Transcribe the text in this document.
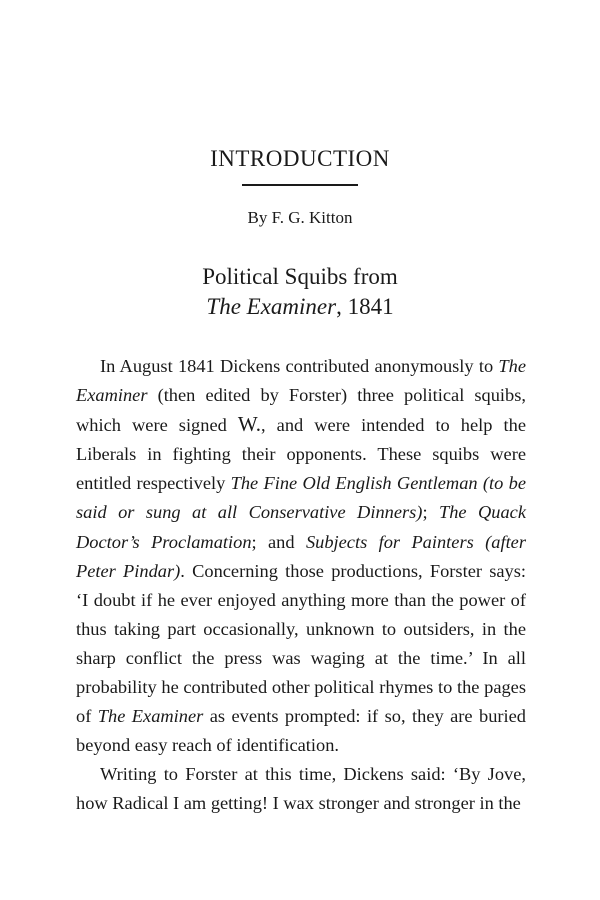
INTRODUCTION

By F. G. Kitton

Political Squibs from
The Examiner, 1841

In August 1841 Dickens contributed anonymously to The Examiner (then edited by Forster) three political squibs, which were signed W., and were intended to help the Liberals in fighting their opponents. These squibs were entitled respectively The Fine Old English Gentleman (to be said or sung at all Conservative Dinners); The Quack Doctor’s Proclamation; and Subjects for Painters (after Peter Pindar). Concerning those productions, Forster says: ‘I doubt if he ever enjoyed anything more than the power of thus taking part occasionally, unknown to outsiders, in the sharp conflict the press was waging at the time.’ In all probability he contributed other political rhymes to the pages of The Examiner as events prompted: if so, they are buried beyond easy reach of identification.

Writing to Forster at this time, Dickens said: ‘By Jove, how Radical I am getting! I wax stronger and stronger in the
